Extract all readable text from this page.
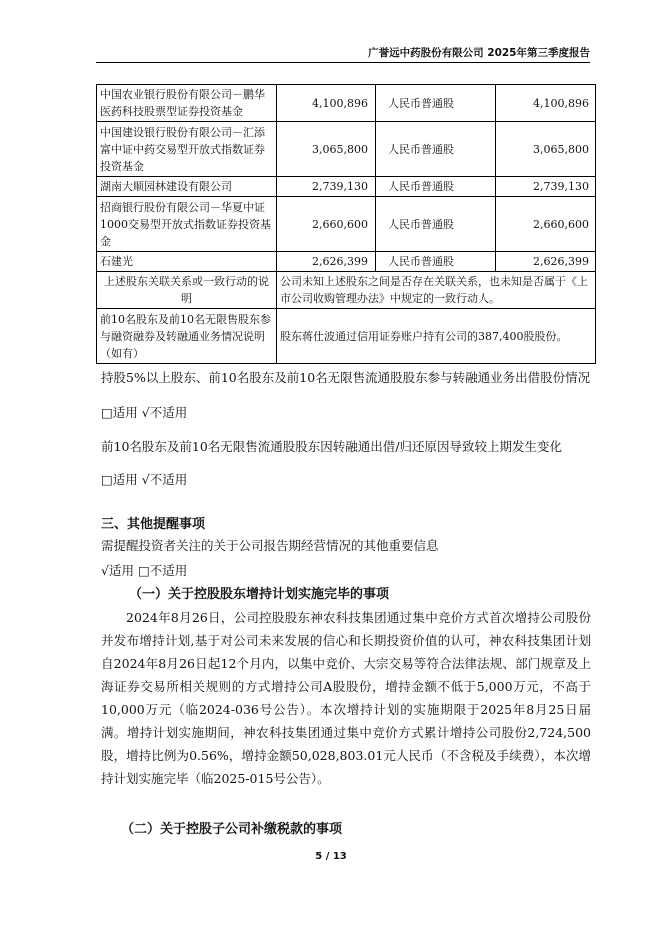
广誉远中药股份有限公司 2025年第三季度报告
中国农业银行股份有限公司－鹏华医药科技股票型证券投资基金	4,100,896	人民币普通股	4,100,896
中国建设银行股份有限公司－汇添富中证中药交易型开放式指数证券投资基金	3,065,800	人民币普通股	3,065,800
湖南大顺园林建设有限公司	2,739,130	人民币普通股	2,739,130
招商银行股份有限公司－华夏中证1000交易型开放式指数证券投资基金	2,660,600	人民币普通股	2,660,600
石建光	2,626,399	人民币普通股	2,626,399
上述股东关联关系或一致行动的说明	公司未知上述股东之间是否存在关联关系，也未知是否属于《上市公司收购管理办法》中规定的一致行动人。		
前10名股东及前10名无限售股东参与融资融券及转融通业务情况说明（如有）	股东蒋仕波通过信用证券账户持有公司的387,400股股份。		
持股5%以上股东、前10名股东及前10名无限售流通股股东参与转融通业务出借股份情况
□适用 √不适用
前10名股东及前10名无限售流通股股东因转融通出借/归还原因导致较上期发生变化
□适用 √不适用
三、其他提醒事项
需提醒投资者关注的关于公司报告期经营情况的其他重要信息
√适用 □不适用
（一）关于控股股东增持计划实施完毕的事项
2024年8月26日，公司控股股东神农科技集团通过集中竞价方式首次增持公司股份并发布增持计划,基于对公司未来发展的信心和长期投资价值的认可，神农科技集团计划自2024年8月26日起12个月内，以集中竞价、大宗交易等符合法律法规、部门规章及上海证券交易所相关规则的方式增持公司A股股份，增持金额不低于5,000万元，不高于10,000万元（临2024-036号公告）。本次增持计划的实施期限于2025年8月25日届满。增持计划实施期间，神农科技集团通过集中竞价方式累计增持公司股份2,724,500股，增持比例为0.56%，增持金额50,028,803.01元人民币（不含税及手续费），本次增持计划实施完毕（临2025-015号公告）。
（二）关于控股子公司补缴税款的事项
5 / 13
